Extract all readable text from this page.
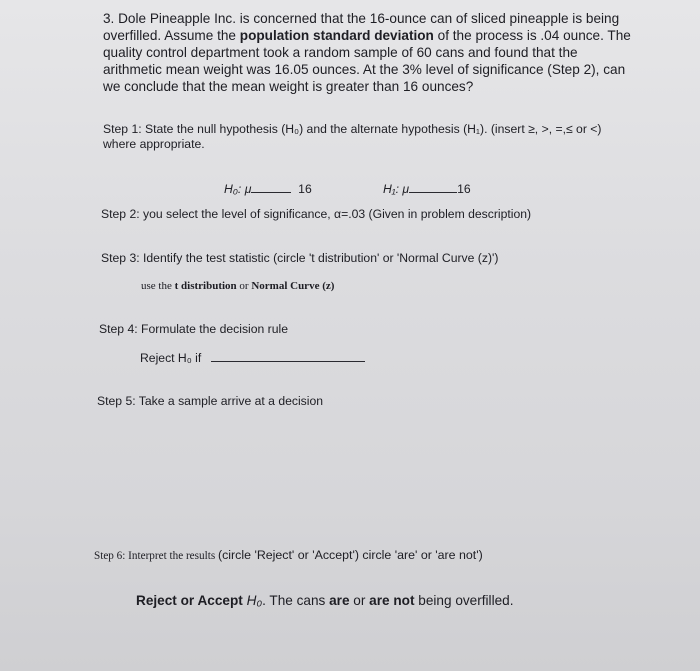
3. Dole Pineapple Inc. is concerned that the 16-ounce can of sliced pineapple is being

overfilled. Assume the population standard deviation of the process is .04 ounce. The

quality control department took a random sample of 60 cans and found that the

arithmetic mean weight was 16.05 ounces. At the 3% level of significance (Step 2), can

we conclude that the mean weight is greater than 16 ounces?

Step 1: State the null hypothesis (H₀) and the alternate hypothesis (H₁). (insert ≥, >, =,≤ or <)
where appropriate.
H₀: μ	16	H₁: μ	16
Step 2: you select the level of significance, α=.03 (Given in problem description)
Step 3: Identify the test statistic (circle 't distribution' or 'Normal Curve (z)')
use the t distribution or Normal Curve (z)
Step 4: Formulate the decision rule
Reject H₀ if
Step 5: Take a sample arrive at a decision
Step 6: Interpret the results (circle 'Reject' or 'Accept') circle 'are' or 'are not')
Reject or Accept H₀. The cans are or are not being overfilled.
